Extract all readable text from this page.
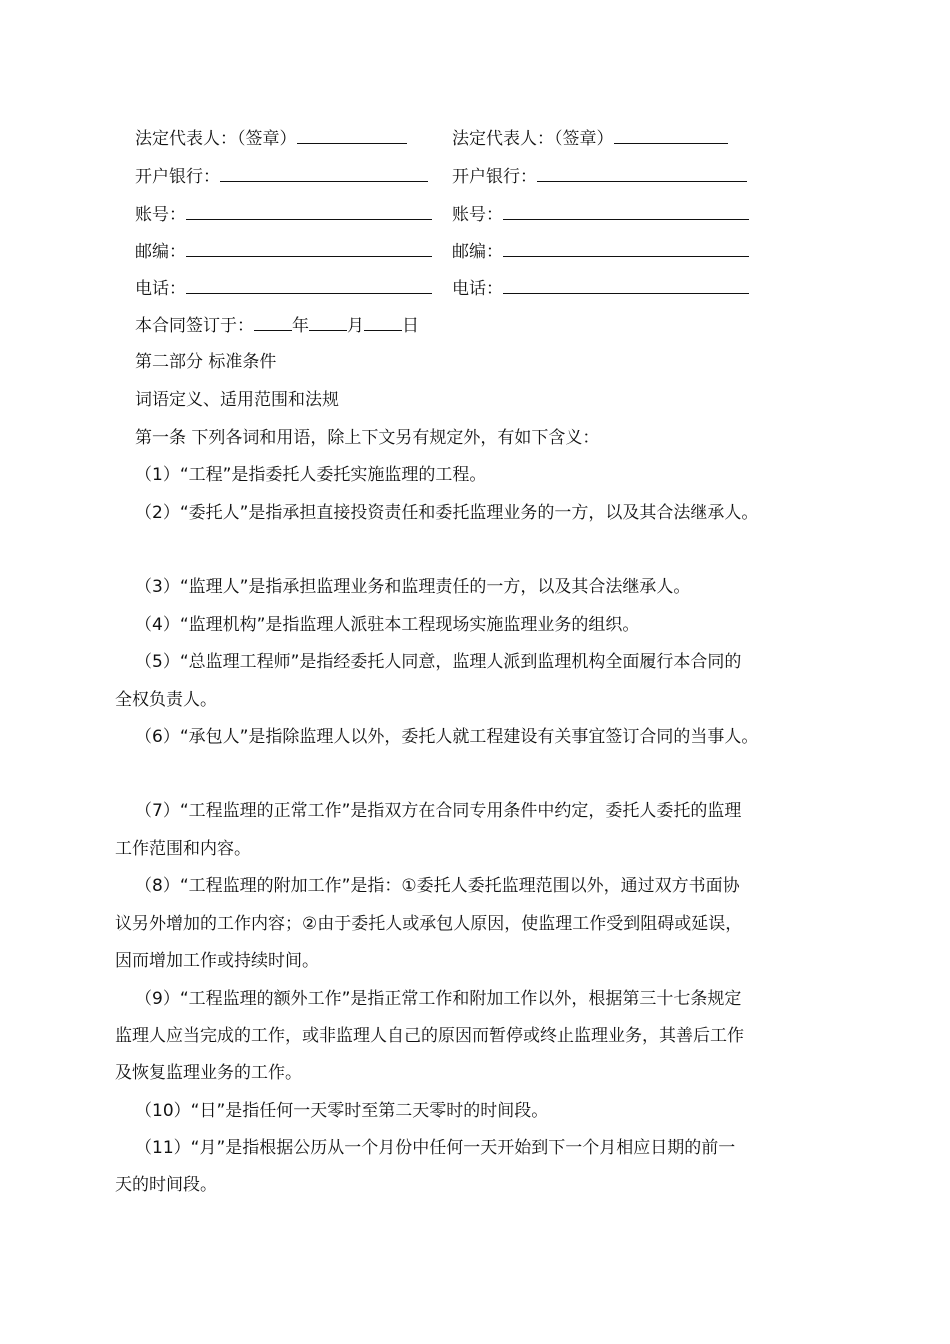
法定代表人：（签章）
开户银行：
账号：
邮编：
电话：
法定代表人：（签章）
开户银行：
账号：
邮编：
电话：
本合同签订于： 年 月 日
第二部分 标准条件
词语定义、适用范围和法规
第一条 下列各词和用语，除上下文另有规定外，有如下含义：
（1）“工程”是指委托人委托实施监理的工程。
（2）“委托人”是指承担直接投资责任和委托监理业务的一方，以及其合法继承人。
（3）“监理人”是指承担监理业务和监理责任的一方，以及其合法继承人。
（4）“监理机构”是指监理人派驻本工程现场实施监理业务的组织。
（5）“总监理工程师”是指经委托人同意，监理人派到监理机构全面履行本合同的
全权负责人。
（6）“承包人”是指除监理人以外，委托人就工程建设有关事宜签订合同的当事人。
（7）“工程监理的正常工作”是指双方在合同专用条件中约定，委托人委托的监理
工作范围和内容。
（8）“工程监理的附加工作”是指：①委托人委托监理范围以外，通过双方书面协
议另外增加的工作内容；②由于委托人或承包人原因，使监理工作受到阻碍或延误，
因而增加工作或持续时间。
（9）“工程监理的额外工作”是指正常工作和附加工作以外，根据第三十七条规定
监理人应当完成的工作，或非监理人自己的原因而暂停或终止监理业务，其善后工作
及恢复监理业务的工作。
（10）“日”是指任何一天零时至第二天零时的时间段。
（11）“月”是指根据公历从一个月份中任何一天开始到下一个月相应日期的前一
天的时间段。
